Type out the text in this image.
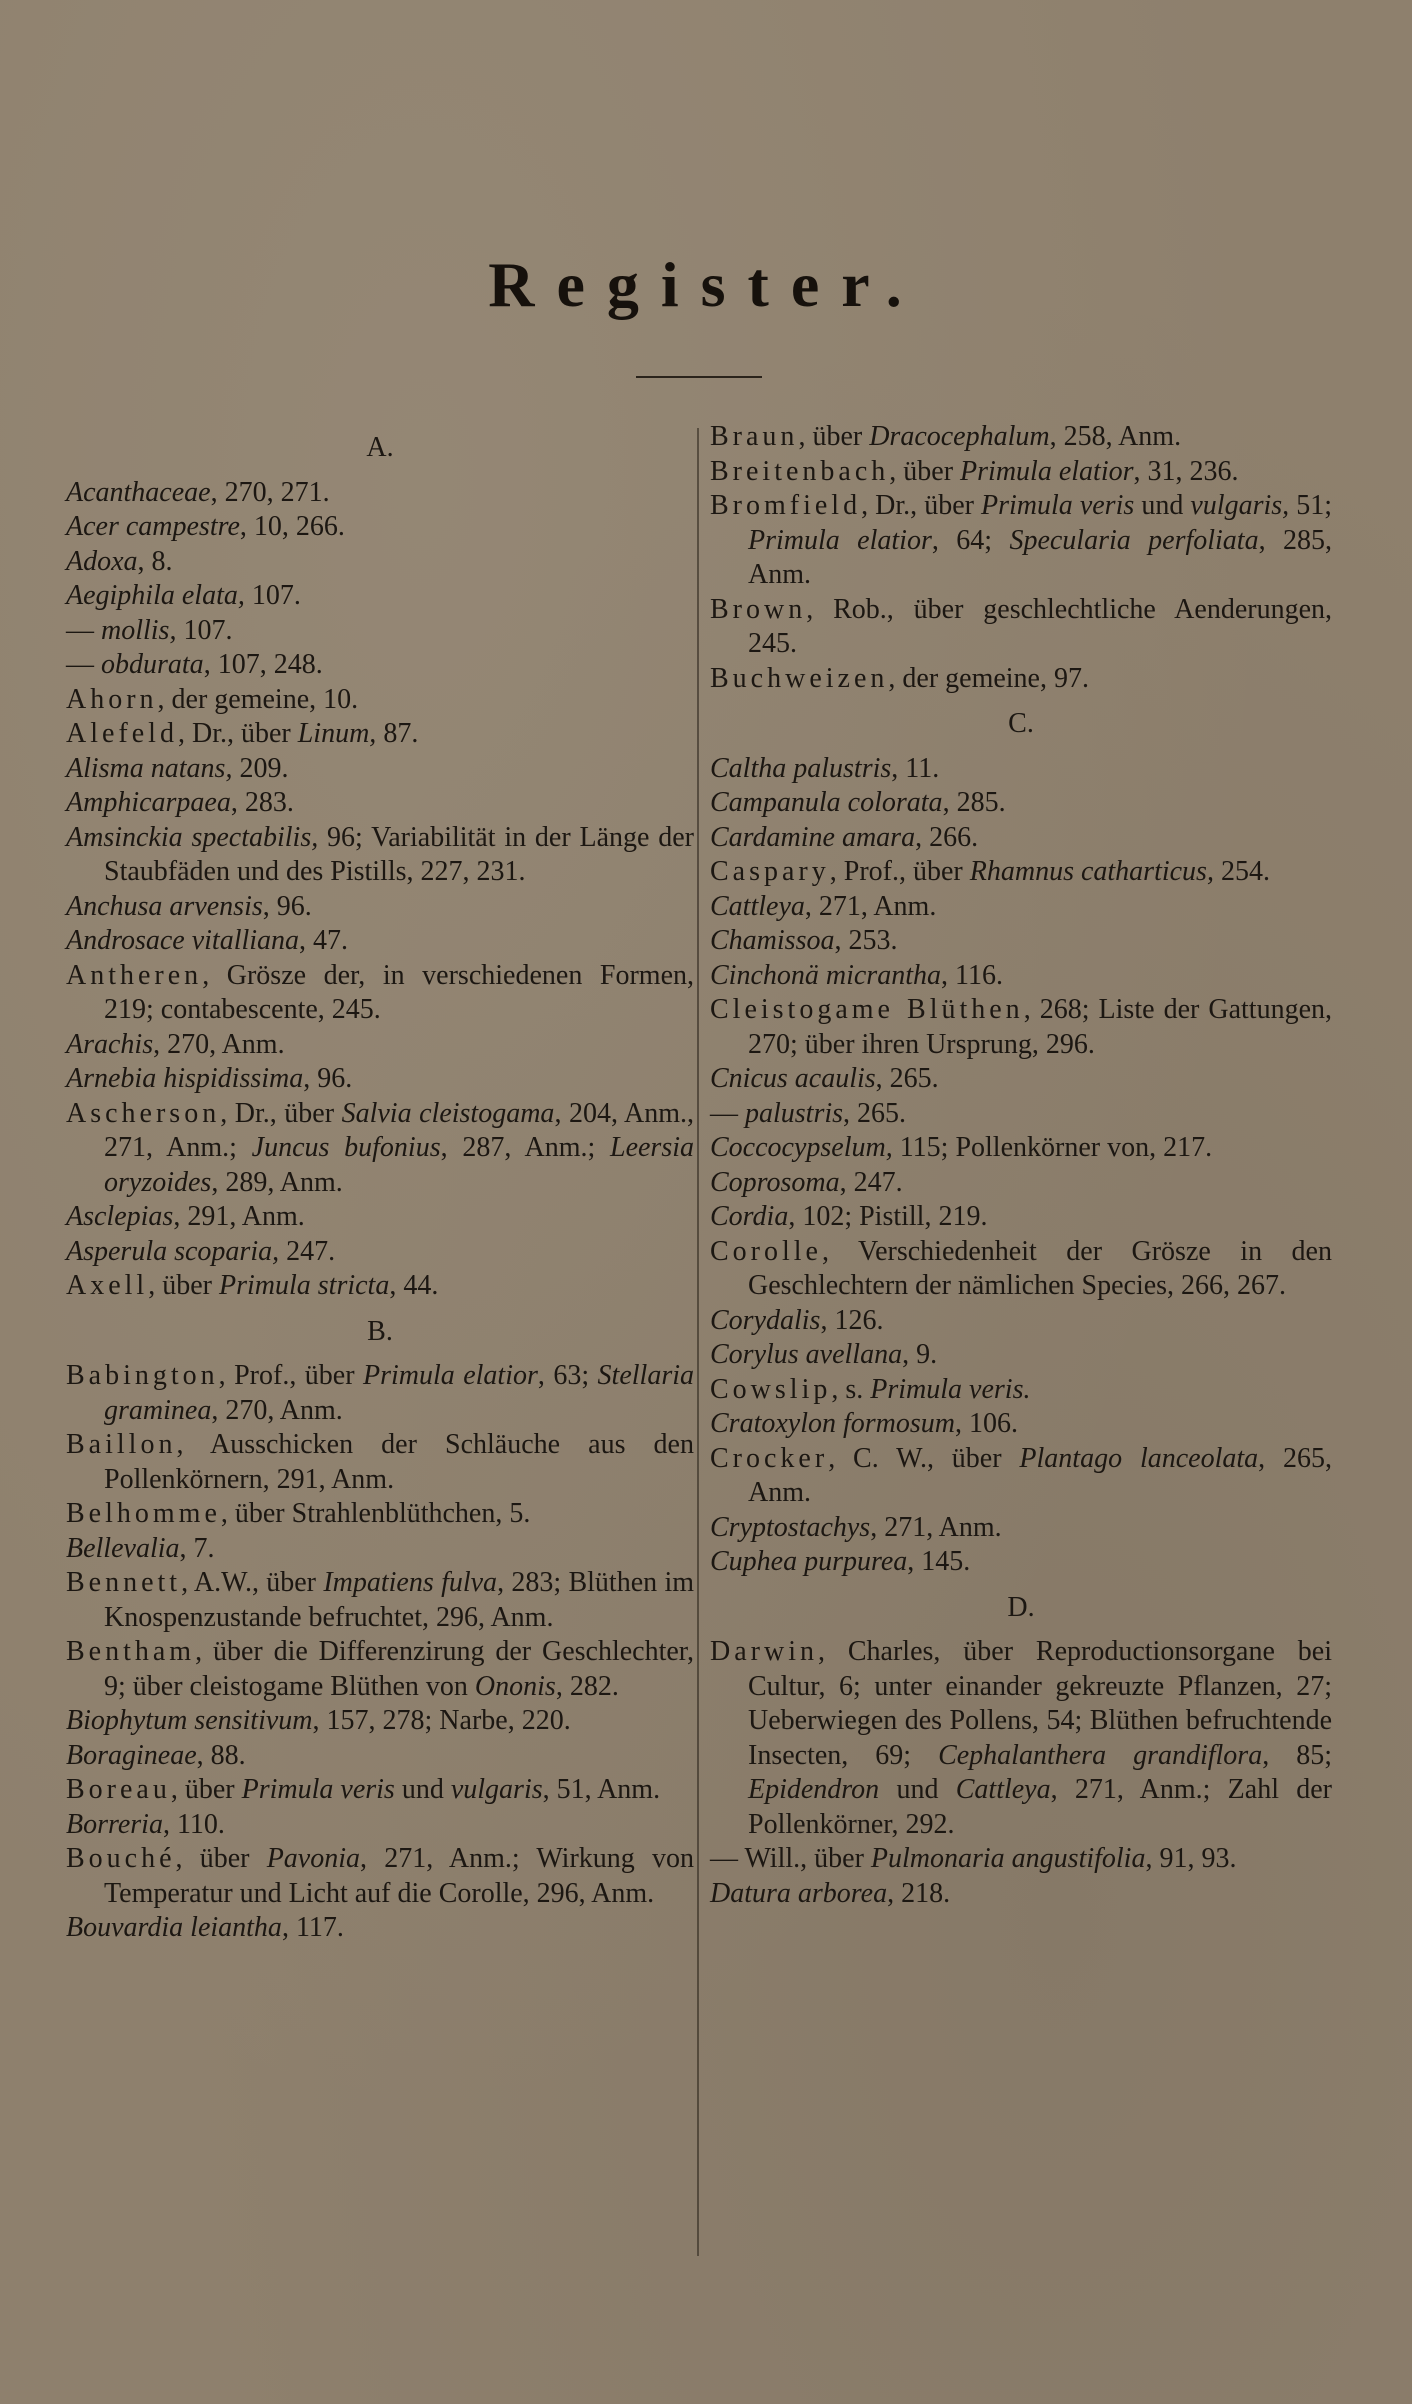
Register.
A.
Acanthaceae, 270, 271.
Acer campestre, 10, 266.
Adoxa, 8.
Aegiphila elata, 107.
— mollis, 107.
— obdurata, 107, 248.
Ahorn, der gemeine, 10.
Alefeld, Dr., über Linum, 87.
Alisma natans, 209.
Amphicarpaea, 283.
Amsinckia spectabilis, 96; Variabilität in der Länge der Staubfäden und des Pistills, 227, 231.
Anchusa arvensis, 96.
Androsace vitalliana, 47.
Antheren, Grösze der, in verschiedenen Formen, 219; contabescente, 245.
Arachis, 270, Anm.
Arnebia hispidissima, 96.
Ascherson, Dr., über Salvia cleistogama, 204, Anm., 271, Anm.; Juncus bufonius, 287, Anm.; Leersia oryzoides, 289, Anm.
Asclepias, 291, Anm.
Asperula scoparia, 247.
Axell, über Primula stricta, 44.
B.
Babington, Prof., über Primula elatior, 63; Stellaria graminea, 270, Anm.
Baillon, Ausschicken der Schläuche aus den Pollenkörnern, 291, Anm.
Belhomme, über Strahlenblüthchen, 5.
Bellevalia, 7.
Bennett, A.W., über Impatiens fulva, 283; Blüthen im Knospenzustande befruchtet, 296, Anm.
Bentham, über die Differenzirung der Geschlechter, 9; über cleistogame Blüthen von Ononis, 282.
Biophytum sensitivum, 157, 278; Narbe, 220.
Boragineae, 88.
Boreau, über Primula veris und vulgaris, 51, Anm.
Borreria, 110.
Bouché, über Pavonia, 271, Anm.; Wirkung von Temperatur und Licht auf die Corolle, 296, Anm.
Bouvardia leiantha, 117.
Braun, über Dracocephalum, 258, Anm.
Breitenbach, über Primula elatior, 31, 236.
Bromfield, Dr., über Primula veris und vulgaris, 51; Primula elatior, 64; Specularia perfoliata, 285, Anm.
Brown, Rob., über geschlechtliche Aenderungen, 245.
Buchweizen, der gemeine, 97.
C.
Caltha palustris, 11.
Campanula colorata, 285.
Cardamine amara, 266.
Caspary, Prof., über Rhamnus catharticus, 254.
Cattleya, 271, Anm.
Chamissoa, 253.
Cinchonä micrantha, 116.
Cleistogame Blüthen, 268; Liste der Gattungen, 270; über ihren Ursprung, 296.
Cnicus acaulis, 265.
— palustris, 265.
Coccocypselum, 115; Pollenkörner von, 217.
Coprosoma, 247.
Cordia, 102; Pistill, 219.
Corolle, Verschiedenheit der Grösze in den Geschlechtern der nämlichen Species, 266, 267.
Corydalis, 126.
Corylus avellana, 9.
Cowslip, s. Primula veris.
Cratoxylon formosum, 106.
Crocker, C. W., über Plantago lanceolata, 265, Anm.
Cryptostachys, 271, Anm.
Cuphea purpurea, 145.
D.
Darwin, Charles, über Reproductionsorgane bei Cultur, 6; unter einander gekreuzte Pflanzen, 27; Ueberwiegen des Pollens, 54; Blüthen befruchtende Insecten, 69; Cephalanthera grandiflora, 85; Epidendron und Cattleya, 271, Anm.; Zahl der Pollenkörner, 292.
— Will., über Pulmonaria angustifolia, 91, 93.
Datura arborea, 218.
